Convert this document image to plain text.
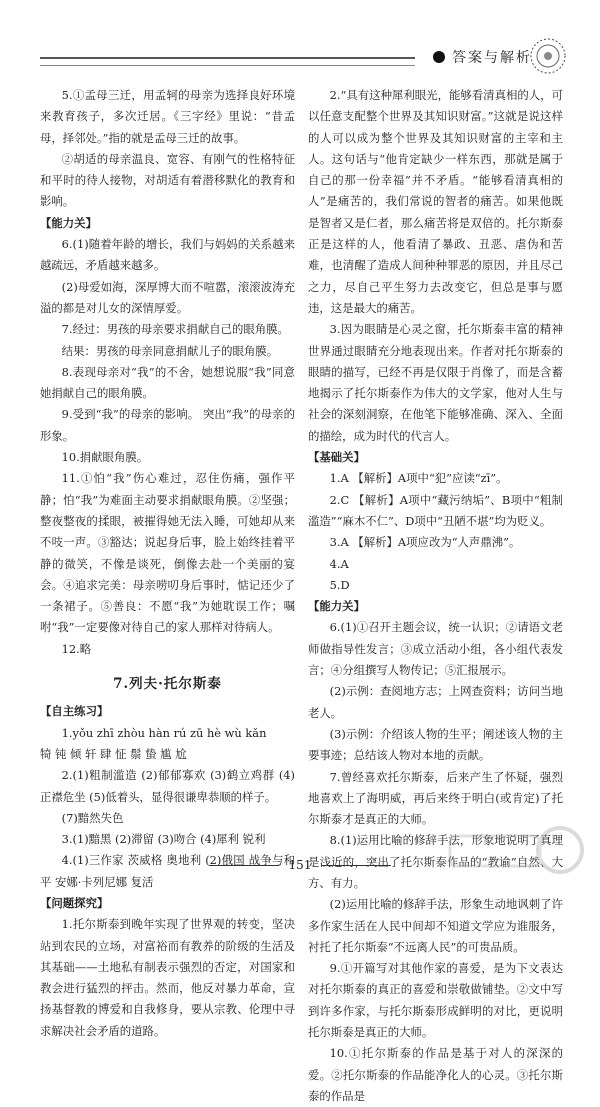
答案与解析

5.①孟母三迁，用孟轲的母亲为选择良好环境来教育孩子，多次迁居。《三字经》里说：“昔孟母，择邻处。”指的就是孟母三迁的故事。

②胡适的母亲温良、宽容、有刚气的性格特征和平时的待人接物，对胡适有着潜移默化的教育和影响。

【能力关】

6.(1)随着年龄的增长，我们与妈妈的关系越来越疏远，矛盾越来越多。

(2)母爱如海，深厚博大而不喧嚣，滚滚波涛充溢的都是对儿女的深情厚爱。

7.经过：男孩的母亲要求捐献自己的眼角膜。

结果：男孩的母亲同意捐献儿子的眼角膜。

8.表现母亲对“我”的不舍，她想说服“我”同意她捐献自己的眼角膜。

9.受到“我”的母亲的影响。 突出“我”的母亲的形象。

10.捐献眼角膜。

11.①怕“我”伤心难过，忍住伤痛，强作平静；怕“我”为难面主动要求捐献眼角膜。②坚强；整夜整夜的揉眼，被摧得她无法入睡，可她却从来不吱一声。③豁达；说起身后事，脸上始终挂着平静的微笑，不像是谈死，倒像去赴一个美丽的宴会。④追求完美：母亲唠叨身后事时，惦记还少了一条裙子。⑤善良：不愿“我”为她耽误工作；嘱咐“我”一定要像对待自己的家人那样对待病人。

12.略

7.列夫·托尔斯泰

【自主练习】

1.yǒu zhī zhòu hàn rú zū hè wù kǎn

犄 钝 倾 轩 肆 怔 鬃 蛰 尴 尬

2.(1)粗制滥造 (2)郁郁寡欢 (3)鹤立鸡群 (4)正襟危坐 (5)低着头，显得很谦卑恭顺的样子。

(7)黯然失色

3.(1)黯黑 (2)滞留 (3)吻合 (4)犀利 锐利

4.(1)三作家 茨威格 奥地利 (2)俄国 战争与和平 安娜·卡列尼娜 复活

【问题探究】

1.托尔斯泰到晚年实现了世界观的转变，坚决站到农民的立场，对富裕而有教养的阶级的生活及其基础——土地私有制表示强烈的否定，对国家和教会进行猛烈的抨击。然而，他反对暴力革命，宣扬基督教的博爱和自我修身，要从宗教、伦理中寻求解决社会矛盾的道路。

2.“具有这种犀利眼光，能够看清真相的人，可以任意支配整个世界及其知识财富。”这就是说这样的人可以成为整个世界及其知识财富的主宰和主人。这句话与“他肯定缺少一样东西，那就是属于自己的那一份幸福”并不矛盾。“能够看清真相的人”是痛苦的，我们常说的智者的痛苦。如果他既是智者又是仁者，那么痛苦将是双倍的。托尔斯泰正是这样的人，他看清了暴政、丑恶、虐伪和苦难，也清醒了造成人间种种罪恶的原因，并且尽己之力，尽自己平生努力去改变它，但总是事与愿违，这是最大的痛苦。

3.因为眼睛是心灵之窗，托尔斯泰丰富的精神世界通过眼睛充分地表现出来。作者对托尔斯泰的眼睛的描写，已经不再是仅限于肖像了，而是含蓄地揭示了托尔斯泰作为伟大的文学家，他对人生与社会的深刻洞察，在他笔下能够准确、深入、全面的描绘，成为时代的代言人。

【基础关】

1.A 【解析】A项中“犯”应读“zī”。

2.C 【解析】A项中“藏污纳垢”、B项中“粗制滥造”“麻木不仁”、D项中“丑陋不堪”均为贬义。

3.A 【解析】A项应改为“人声鼎沸”。

4.A

5.D

【能力关】

6.(1)①召开主题会议，统一认识；②请语文老师做指导性发言；③成立活动小组，各小组代表发言；④分组撰写人物传记；⑤汇报展示。

(2)示例：查阅地方志；上网查资料；访问当地老人。

(3)示例：介绍该人物的生平；阐述该人物的主要事迹；总结该人物对本地的贡献。

7.曾经喜欢托尔斯泰，后来产生了怀疑，强烈地喜欢上了海明威，再后来终于明白(或肯定)了托尔斯泰才是真正的大师。

8.(1)运用比喻的修辞手法，形象地说明了真理是浅近的，突出了托尔斯泰作品的“教谕”自然、大方、有力。

(2)运用比喻的修辞手法，形象生动地讽刺了许多作家生活在人民中间却不知道文学应为谁服务，衬托了托尔斯泰“不远离人民”的可贵品质。

9.①开篇写对其他作家的喜爱，是为下文表达对托尔斯泰的真正的喜爱和崇敬做铺垫。②文中写到许多作家，与托尔斯泰形成鲜明的对比，更说明托尔斯泰是真正的大师。

10.①托尔斯泰的作品是基于对人的深深的爱。②托尔斯泰的作品能净化人的心灵。③托尔斯泰的作品是

151
